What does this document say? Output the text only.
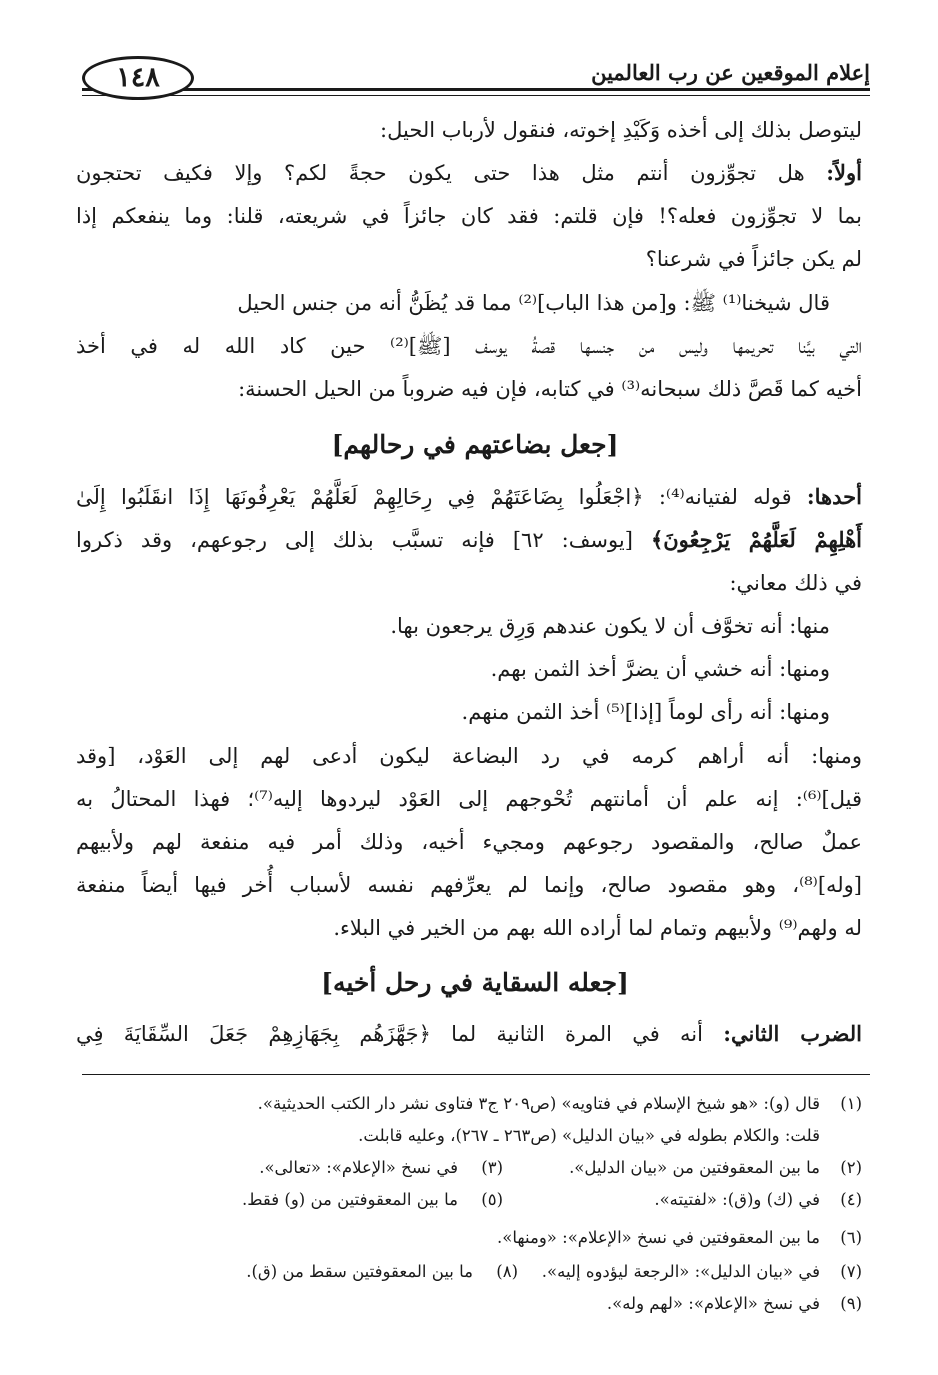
١٤٨	إعلام الموقعين عن رب العالمين
ليتوصل بذلك إلى أخذه وَكَيْدِ إخوته، فنقول لأرباب الحيل:
أولاً: هل تجوِّزون أنتم مثل هذا حتى يكون حجةً لكم؟ وإلا فكيف تحتجون
بما لا تجوِّزون فعله؟! فإن قلتم: فقد كان جائزاً في شريعته، قلنا: وما ينفعكم إذا
لم يكن جائزاً في شرعنا؟
قال شيخنا⁽¹⁾ ﷺ: و[من هذا الباب]⁽²⁾ مما قد يُظَنُّ أنه من جنس الحيل
التي بيَّنا تحريمها وليس من جنسها قصةُ يوسف [ﷺ]⁽²⁾ حين كاد الله له في أخذ
أخيه كما قَصَّ ذلك سبحانه⁽³⁾ في كتابه، فإن فيه ضروباً من الحيل الحسنة:
[جعل بضاعتهم في رحالهم]
أحدها: قوله لفتيانه⁽⁴⁾: ﴿اجْعَلُوا بِضَاعَتَهُمْ فِي رِحَالِهِمْ لَعَلَّهُمْ يَعْرِفُونَهَا إِذَا انقَلَبُوا إِلَىٰ
أَهْلِهِمْ لَعَلَّهُمْ يَرْجِعُونَ﴾ [يوسف: ٦٢] فإنه تسبَّب بذلك إلى رجوعهم، وقد ذكروا
في ذلك معاني:
منها: أنه تخوَّف أن لا يكون عندهم وَرِق يرجعون بها.
ومنها: أنه خشي أن يضرَّ أخذ الثمن بهم.
ومنها: أنه رأى لوماً [إذا]⁽⁵⁾ أخذ الثمن منهم.
ومنها: أنه أراهم كرمه في رد البضاعة ليكون أدعى لهم إلى العَوْد، [وقد
قيل]⁽⁶⁾: إنه علم أن أمانتهم تُحْوجهم إلى العَوْد ليردوها إليه⁽⁷⁾؛ فهذا المحتالُ به
عملٌ صالح، والمقصود رجوعهم ومجيء أخيه، وذلك أمر فيه منفعة لهم ولأبيهم
[وله]⁽⁸⁾، وهو مقصود صالح، وإنما لم يعرِّفهم نفسه لأسباب أُخر فيها أيضاً منفعة
له ولهم⁽⁹⁾ ولأبيهم وتمام لما أراده الله بهم من الخير في البلاء.
[جعله السقاية في رحل أخيه]
الضرب الثاني: أنه في المرة الثانية لما ﴿جَهَّزَهُم بِجَهَازِهِمْ جَعَلَ السِّقَايَةَ فِي
(١)
قال (و): «هو شيخ الإسلام في فتاويه» (ص٢٠٩ ج٣ فتاوى نشر دار الكتب الحديثية».
قلت: والكلام بطوله في «بيان الدليل» (ص٢٦٣ ـ ٢٦٧)، وعليه قابلت.
(٢)
ما بين المعقوفتين من «بيان الدليل».
(٣)
في نسخ «الإعلام»: «تعالى».
(٤)
في (ك) و(ق): «لفتيته».
(٥)
ما بين المعقوفتين من (و) فقط.
(٦)
ما بين المعقوفتين في نسخ «الإعلام»: «ومنها».
(٧)
في «بيان الدليل»: «الرجعة ليؤدوه إليه».
(٨)
ما بين المعقوفتين سقط من (ق).
(٩)
في نسخ «الإعلام»: «لهم وله».
